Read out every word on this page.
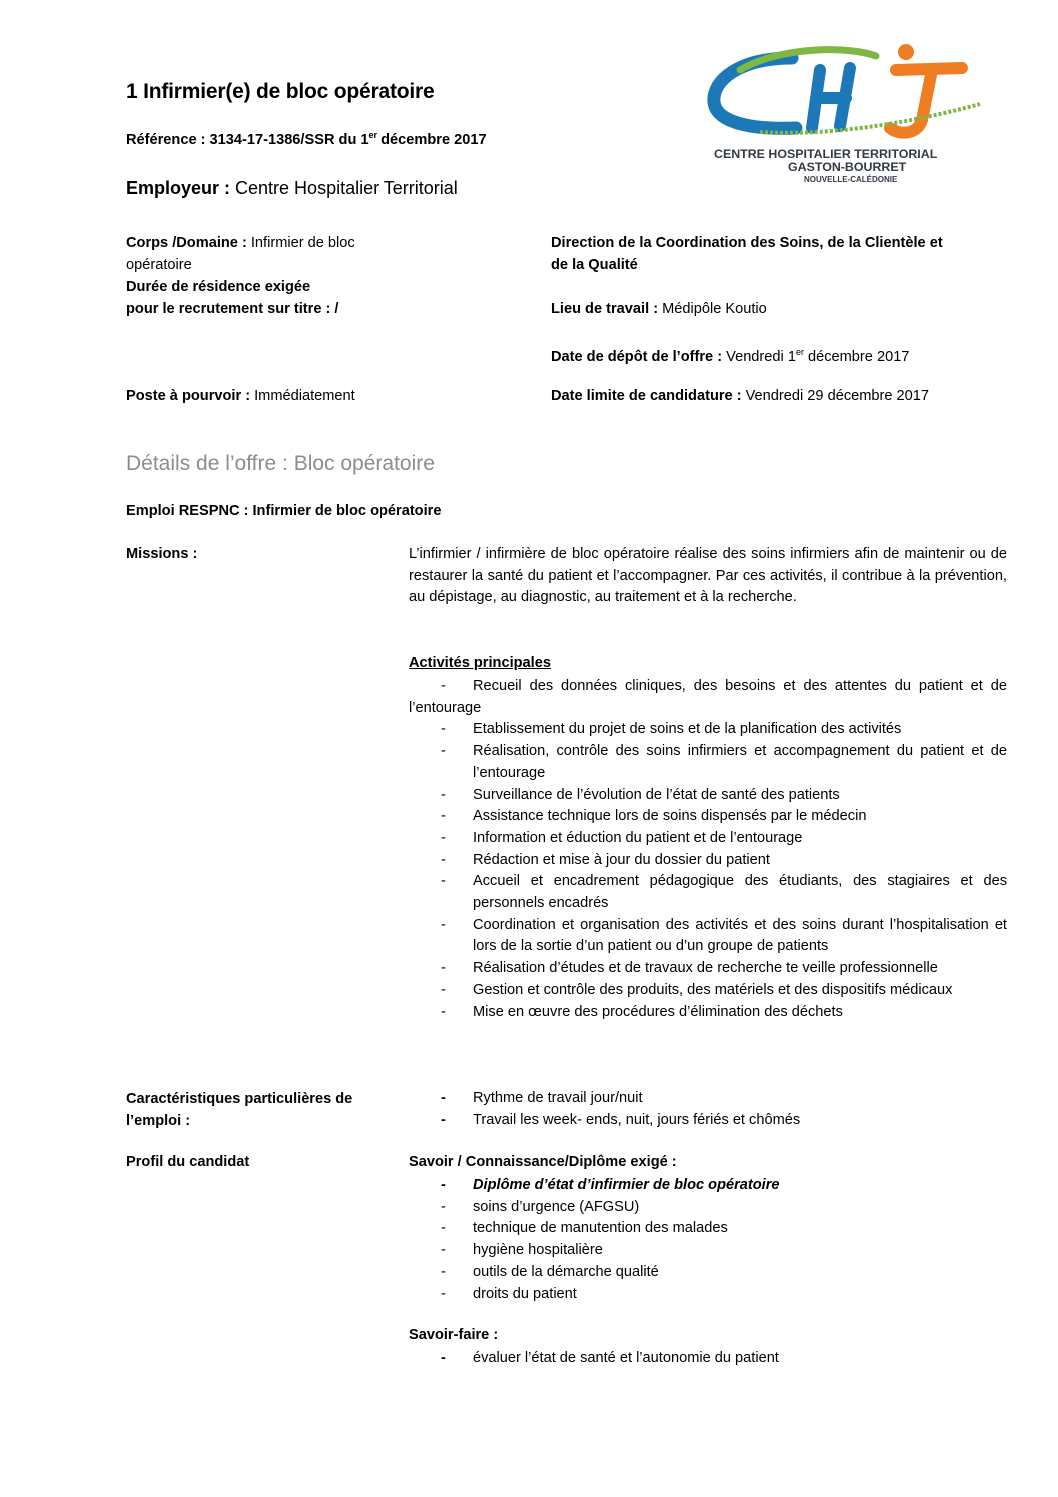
1 Infirmier(e) de bloc opératoire
Référence : 3134-17-1386/SSR du 1er décembre 2017
Employeur : Centre Hospitalier Territorial
CENTRE HOSPITALIER TERRITORIAL
GASTON-BOURRET
NOUVELLE-CALÉDONIE
Corps /Domaine : Infirmier de bloc opératoire
Durée de résidence exigée
pour le recrutement sur titre : /
Poste à pourvoir : Immédiatement
Direction de la Coordination des Soins, de la Clientèle et
de la Qualité
Lieu de travail : Médipôle Koutio
Date de dépôt de l’offre : Vendredi 1er décembre 2017
Date limite de candidature : Vendredi 29 décembre 2017
Détails de l’offre : Bloc opératoire
Emploi RESPNC : Infirmier de bloc opératoire
Missions :	L’infirmier / infirmière de bloc opératoire réalise des soins infirmiers afin de maintenir ou de restaurer la santé du patient et l’accompagner. Par ces activités, il contribue à la prévention, au dépistage, au diagnostic, au traitement et à la recherche.
Activités principales
- Recueil des données cliniques, des besoins et des attentes du patient et de l’entourage
- Etablissement du projet de soins et de la planification des activités
- Réalisation, contrôle des soins infirmiers et accompagnement du patient et de l’entourage
- Surveillance de l’évolution de l’état de santé des patients
- Assistance technique lors de soins dispensés par le médecin
- Information et éduction du patient et de l’entourage
- Rédaction et mise à jour du dossier du patient
- Accueil et encadrement pédagogique des étudiants, des stagiaires et des personnels encadrés
- Coordination et organisation des activités et des soins durant l’hospitalisation et lors de la sortie d’un patient ou d’un groupe de patients
- Réalisation d’études et de travaux de recherche te veille professionnelle
- Gestion et contrôle des produits, des matériels et des dispositifs médicaux
- Mise en œuvre des procédures d’élimination des déchets
Caractéristiques particulières de
l’emploi :
- Rythme de travail jour/nuit
- Travail les week- ends, nuit, jours fériés et chômés
Profil du candidat	Savoir / Connaissance/Diplôme exigé :
- Diplôme d’état d’infirmier de bloc opératoire
- soins d’urgence (AFGSU)
- technique de manutention des malades
- hygiène hospitalière
- outils de la démarche qualité
- droits du patient
Savoir-faire :
- évaluer l’état de santé et l’autonomie du patient
